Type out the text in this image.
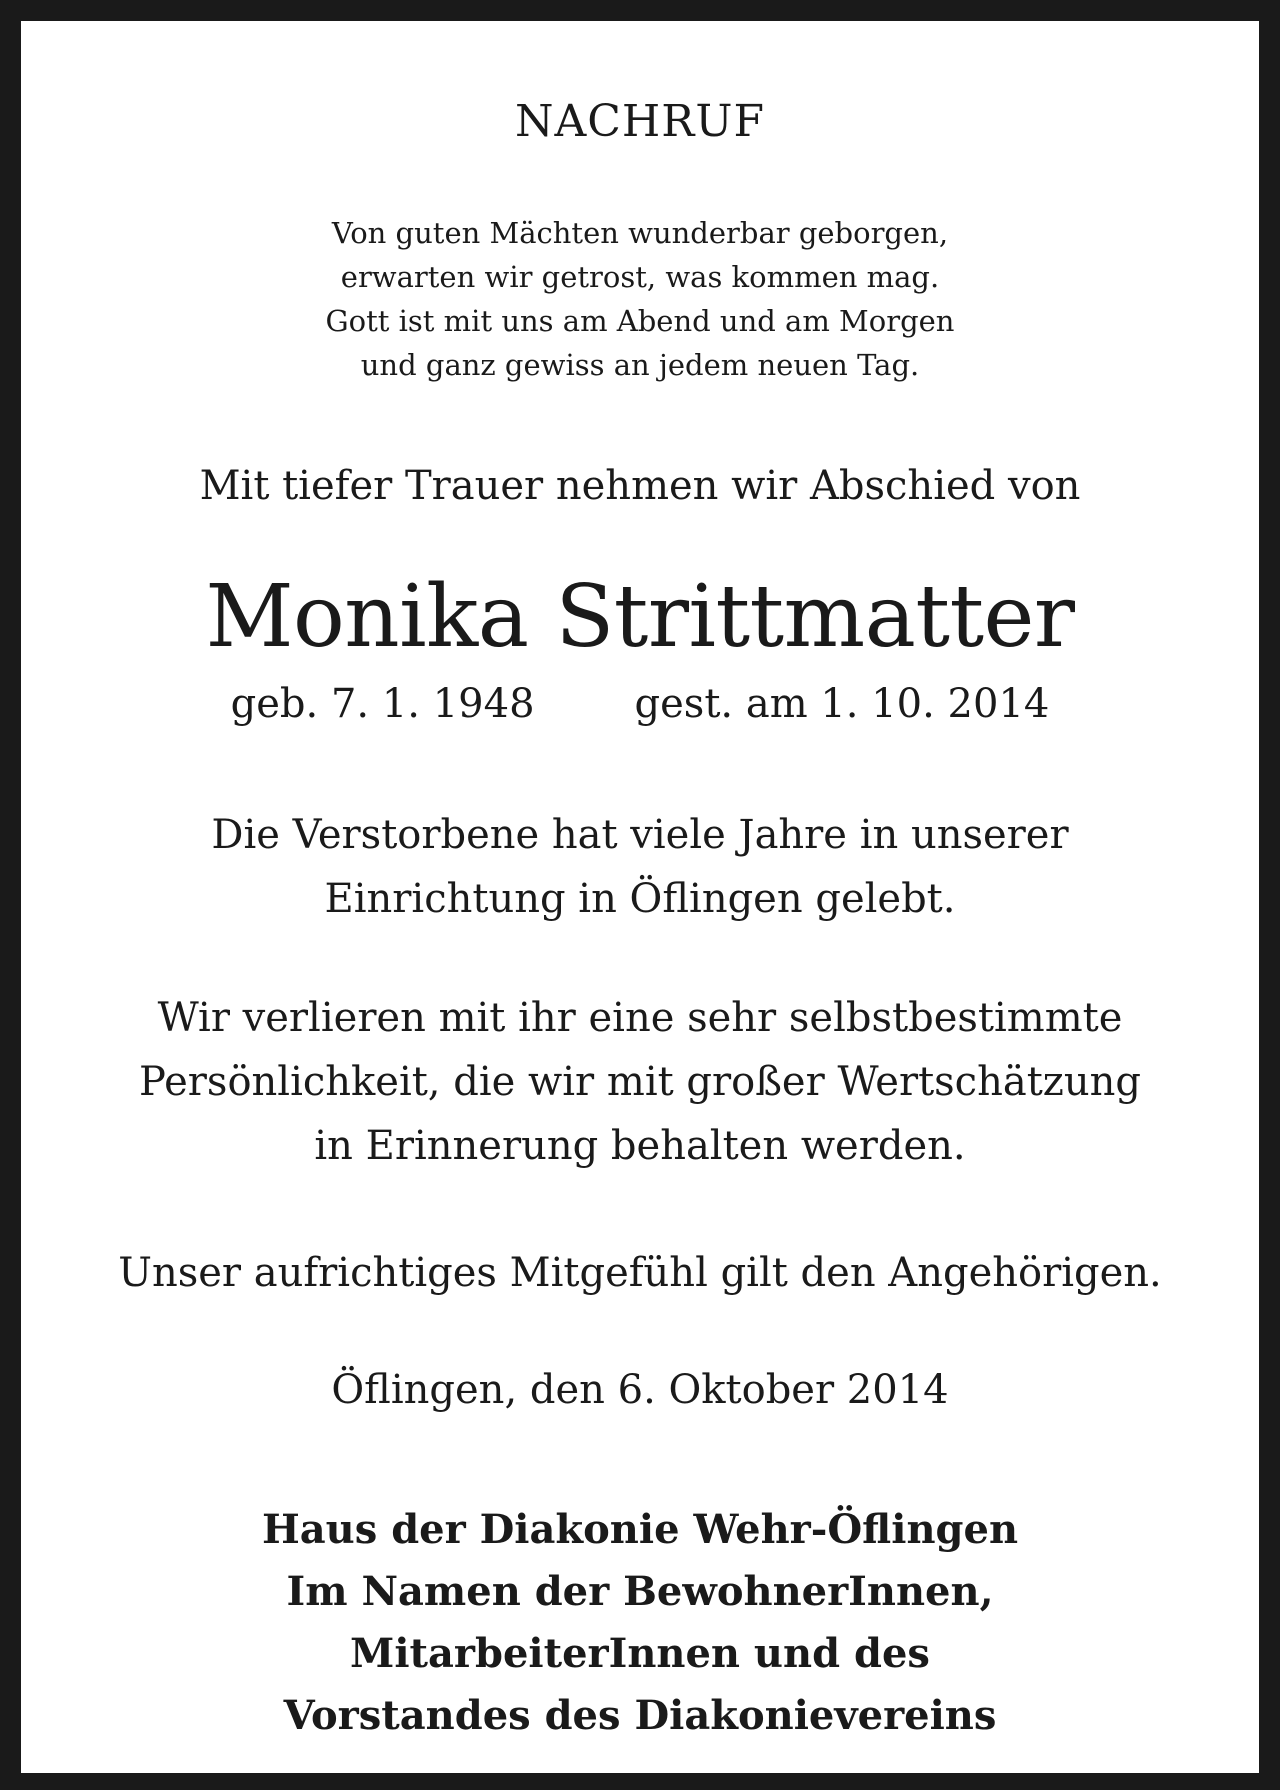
NACHRUF
Von guten Mächten wunderbar geborgen,
erwarten wir getrost, was kommen mag.
Gott ist mit uns am Abend und am Morgen
und ganz gewiss an jedem neuen Tag.
Mit tiefer Trauer nehmen wir Abschied von
Monika Strittmatter
geb. 7. 1. 1948	gest. am 1. 10. 2014
Die Verstorbene hat viele Jahre in unserer
Einrichtung in Öflingen gelebt.
Wir verlieren mit ihr eine sehr selbstbestimmte
Persönlichkeit, die wir mit großer Wertschätzung
in Erinnerung behalten werden.
Unser aufrichtiges Mitgefühl gilt den Angehörigen.
Öflingen, den 6. Oktober 2014
Haus der Diakonie Wehr-Öflingen
Im Namen der BewohnerInnen,
MitarbeiterInnen und des
Vorstandes des Diakonievereins
